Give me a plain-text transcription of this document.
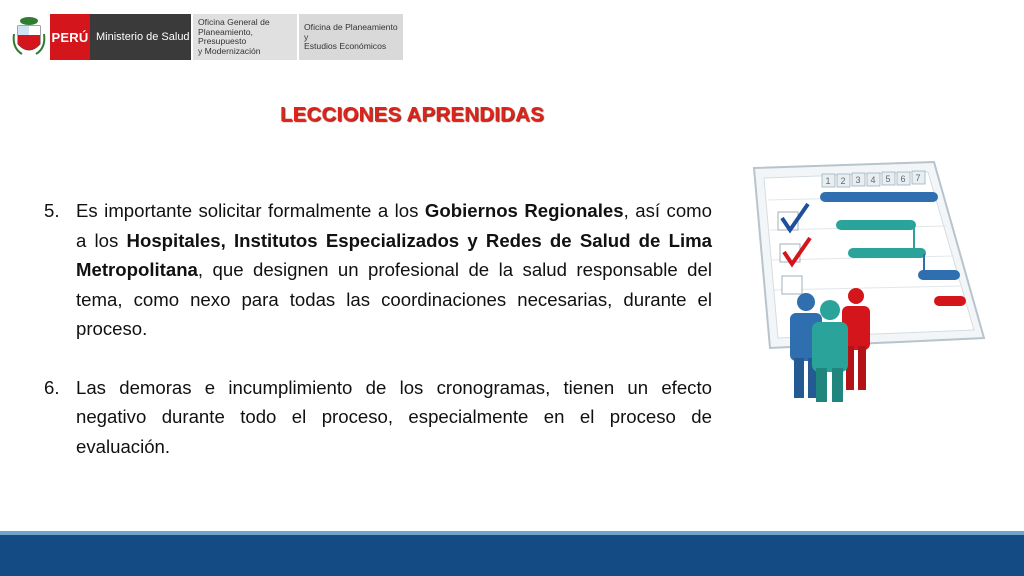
PERÚ Ministerio de Salud
Oficina General de
Planeamiento, Presupuesto
y Modernización
Oficina de Planeamiento y
Estudios Económicos
LECCIONES APRENDIDAS
5. Es importante solicitar formalmente a los Gobiernos Regionales, así como a los Hospitales, Institutos Especializados y Redes de Salud de Lima Metropolitana, que designen un profesional de la salud responsable del tema, como nexo para todas las coordinaciones necesarias, durante el proceso.
6. Las demoras e incumplimiento de los cronogramas, tienen un efecto negativo durante todo el proceso, especialmente en el proceso de evaluación.
1 2 3 4 5 6 7
